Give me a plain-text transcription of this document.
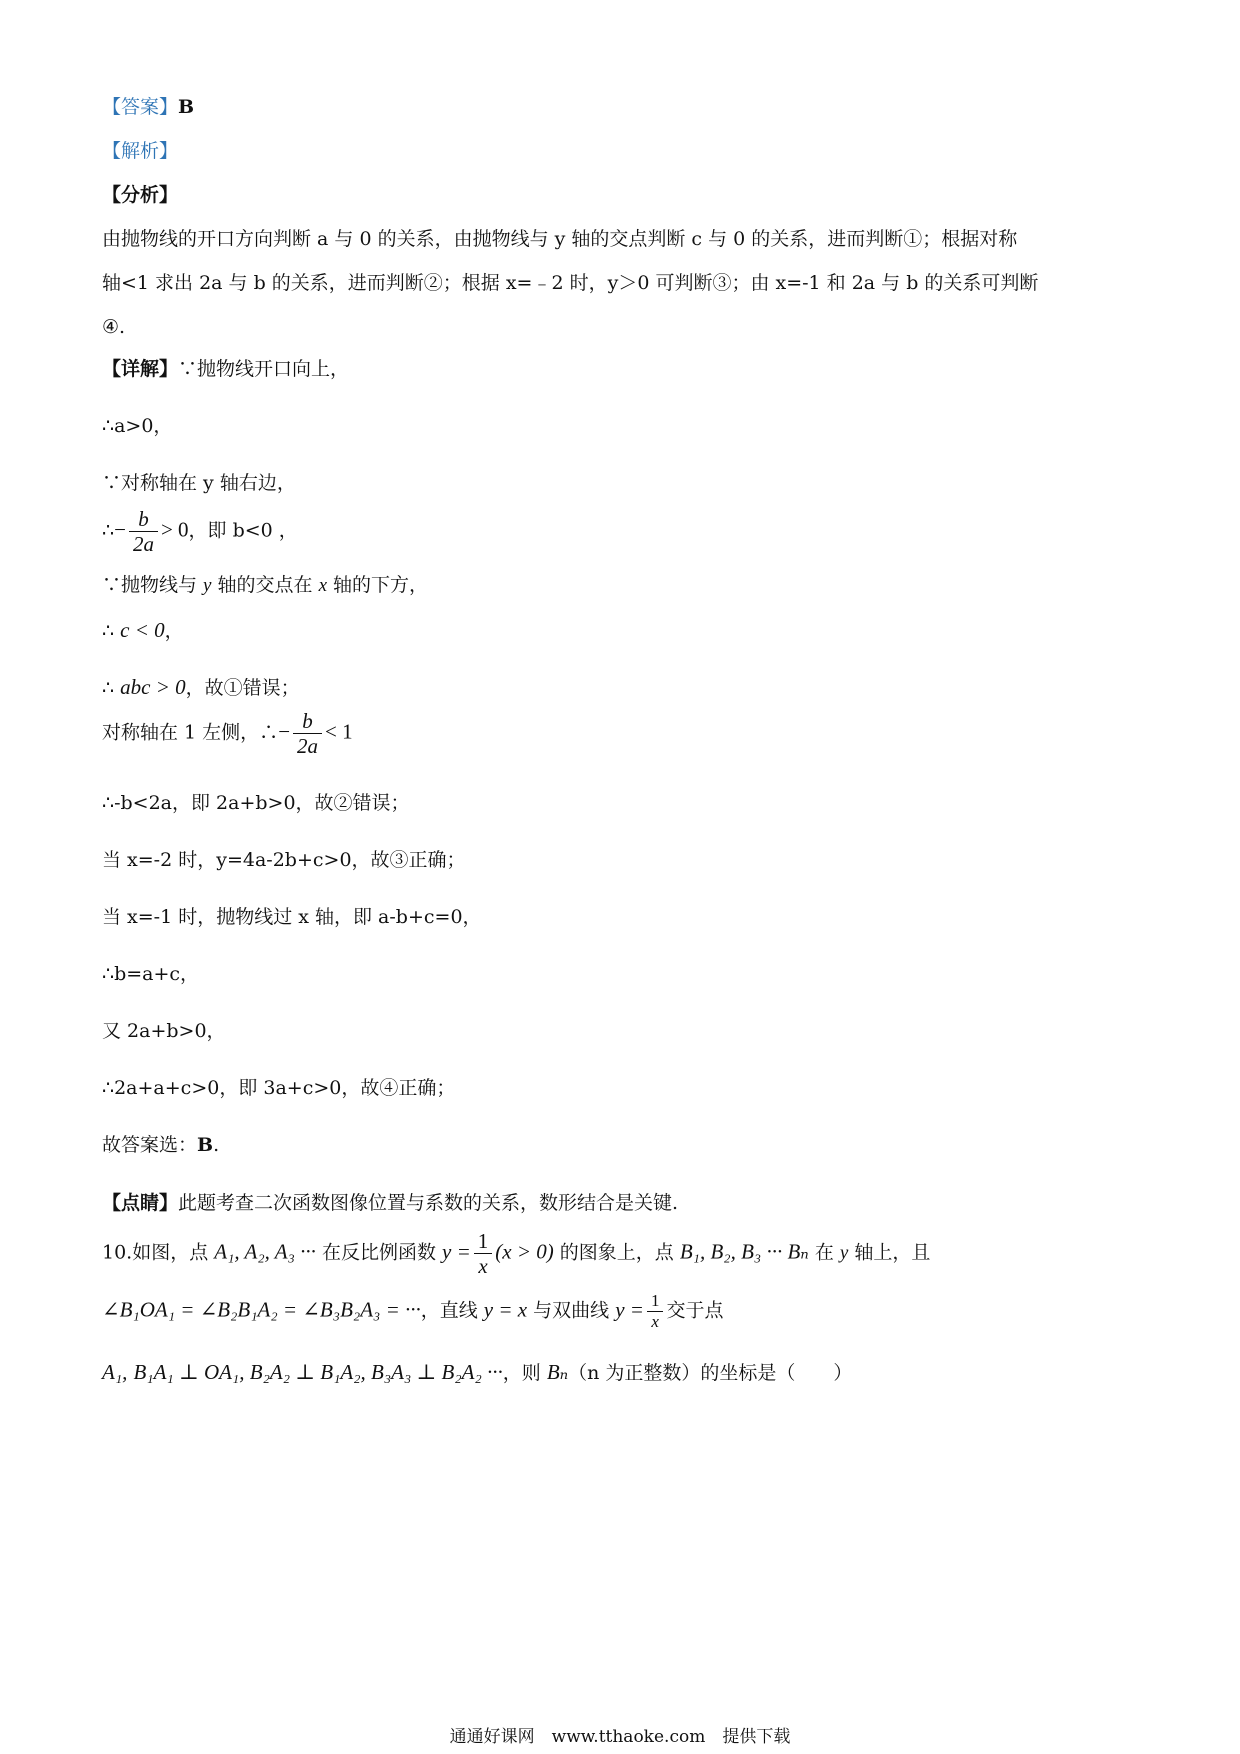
【答案】B
【解析】
【分析】
由抛物线的开口方向判断 a 与 0 的关系，由抛物线与 y 轴的交点判断 c 与 0 的关系，进而判断①；根据对称
轴<1 求出 2a 与 b 的关系，进而判断②；根据 x=﹣2 时，y＞0 可判断③；由 x=-1 和 2a 与 b 的关系可判断
④.
【详解】∵抛物线开口向上，
∴a>0，
∵对称轴在 y 轴右边，
∴− $\frac{b}{2a} > 0$，即 b<0 ，
∵抛物线与 y 轴的交点在 x 轴的下方，
∴ c < 0，
∴ abc > 0，故①错误；
对称轴在 1 左侧，∴− $\frac{b}{2a} < 1$
∴-b<2a，即 2a+b>0，故②错误；
当 x=-2 时，y=4a-2b+c>0，故③正确；
当 x=-1 时，抛物线过 x 轴，即 a-b+c=0，
∴b=a+c，
又 2a+b>0，
∴2a+a+c>0，即 3a+c>0，故④正确；
故答案选：B.
【点睛】此题考查二次函数图像位置与系数的关系，数形结合是关键.
10.如图，点 A₁, A₂, A₃ ··· 在反比例函数 $y = \frac{1}{x} (x > 0)$ 的图象上，点 B₁, B₂, B₃ ··· Bₙ 在 y 轴上，且
∠B₁OA₁ = ∠B₂B₁A₂ = ∠B₃B₂A₃ = ···，直线 y = x 与双曲线 $y = \frac{1}{x}$ 交于点
A₁, B₁A₁ ⊥ OA₁, B₂A₂ ⊥ B₁A₂, B₃A₃ ⊥ B₂A₂ ···，则 Bₙ（n 为正整数）的坐标是（　　）
通通好课网　www.tthaoke.com　提供下载
